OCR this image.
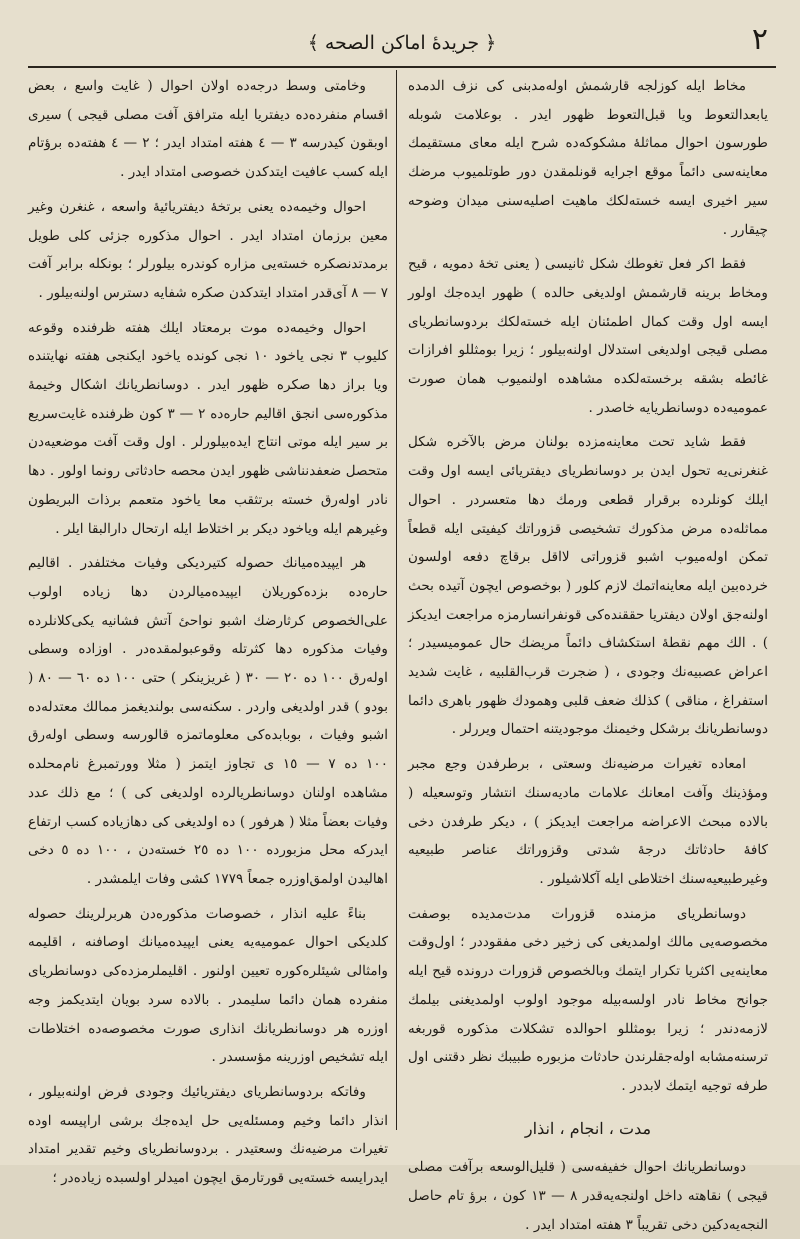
﴿ جریدهٔ اماکن الصحه ﴾	٢

مخاط ایله کوزلجه قارشمش اوله‌مدبنی کی نزف الدمده یابعدالتعوط ویا قبل‌التعوط ظهور ایدر . بوعلامت شوبله طورسون احوال مماثلهٔ مشکوکه‌ده شرح ایله معای مستقیمك معاینه‌سی دائماً موقع اجرایه قونلمقدن دور طوتلمیوب مرضك سیر اخیری ایسه خسته‌لکك ماهیت اصلیه‌سنی میدان وضوحه چیقارر .

فقط اکر فعل تغوطك شکل ثانیسی ( یعنی تخهٔ دمویه ، قیح ومخاط برینه قارشمش اولدیغی حالده ) ظهور ایده‌جك اولور ایسه اول وقت کمال اطمئنان ایله خسته‌لکك بردوسانطریای مصلی قیجی اولدیغی استدلال اولنه‌بیلور ؛ زیرا بومثللو افرازات غائطه بشقه برخسته‌لکده مشاهده اولنمیوب همان صورت عمومیه‌ده دوسانطریایه خاصدر .

فقط شاید تحت معاینه‌مزده بولنان مرض بالآخره شکل غنغرنی‌یه تحول ایدن بر دوسانطریای دیفتریائی ایسه اول وقت ایلك کونلرده برقرار قطعی ورمك دها متعسردر . احوال مماثله‌ده مرض مذکورك تشخیصی قزوراتك کیفیتی ایله قطعاً تمکن اوله‌میوب اشبو قزوراتی لااقل برقاچ دفعه اولسون خرده‌بین ایله معاینه‌اتمك لازم کلور ( بوخصوص ایچون آتیده بحث اولنه‌جق اولان دیفتریا حققنده‌کی قونفرانسارمزه مراجعت ایدیکز ) . الك مهم نقطهٔ استکشاف دائماً مریضك حال عمومیسیدر ؛ اعراض عصبیه‌نك وجودی ، ( ضجرت قرب‌القلبیه ، غایت شدید استفراغ ، مناقی ) کذلك ضعف قلبی وهمودك ظهور باهری دائما دوسانطریانك برشکل وخیمنك موجودیتنه احتمال ویررلر .

امعاده تغیرات مرضیه‌نك وسعتی ، برطرفدن وجع مجبر ومؤذینك وآفت امعانك علامات مادیه‌سنك انتشار وتوسعیله ( بالاده مبحث الاعراضه مراجعت ایدیکز ) ، دیکر طرفدن دخی کافهٔ حادثاتك درجهٔ شدتی وقزوراتك عناصر طبیعیه وغیرطبیعیه‌سنك اختلاطی ایله آکلاشیلور .

دوسانطریای مزمنده قزورات مدت‌مدیده بوصفت مخصوصه‌یی مالك اولمدیغی کی زخیر دخی مفقوددر ؛ اول‌وقت معاینه‌یی اکثریا تکرار ایتمك وبالخصوص قزورات درونده قیح ایله جوانح مخاط نادر اولسه‌بیله موجود اولوب اولمدیغنی بیلمك لازمه‌دندر ؛ زیرا بومثللو احوالده تشکلات مذکوره قوربغه ترسنه‌مشابه اوله‌جقلرندن حادثات مزبوره طبیبك نظر دقتنی اول طرفه توجیه ایتمك لابددر .

مدت ، انجام ، انذار

دوسانطریانك احوال خفیفه‌سی ( قلیل‌الوسعه برآفت مصلی قیجی ) نقاهته داخل اولنجه‌یه‌قدر ٨ — ١٣ کون ، برؤ تام حاصل النجه‌یه‌دکین دخی تقریباً ٣ هفته امتداد ایدر .

وخامتی وسط درجه‌ده اولان احوال ( غایت واسع ، بعض اقسام منفرده‌ده دیفتریا ایله مترافق آفت مصلی قیجی ) سیری اوبقون کیدرسه ٣ — ٤ هفته امتداد ایدر ؛ ٢ — ٤ هفته‌ده برؤتام ایله کسب عافیت ایتدکدن خصوصی امتداد ایدر .

احوال وخیمه‌ده یعنی برتخهٔ دیفتریائیهٔ واسعه ، غنغرن وغیر معین برزمان امتداد ایدر . احوال مذکوره جزئی کلی طویل برمدتدنصکره خسته‌یی مزاره کوندره بیلورلر ؛ بونکله برابر آفت ٧ — ٨ آی‌قدر امتداد ایتدکدن صکره شفایه دسترس اولنه‌بیلور .

احوال وخیمه‌ده موت برمعتاد ایلك هفته ظرفنده وقوعه کلیوب ٣ نجی یاخود ١٠ نجی کونده یاخود ایکنجی هفته نهایتنده ویا براز دها صکره ظهور ایدر . دوسانطریانك اشکال وخیمهٔ مذکوره‌سی انجق اقالیم حاره‌ده ٢ — ٣ کون ظرفنده غایت‌سریع بر سیر ایله موتی انتاج ایده‌بیلورلر . اول وقت آفت موضعیه‌دن متحصل ضعفدنناشی ظهور ایدن محصه حادثاتی رونما اولور . دها نادر اوله‌رق خسته برتثقب معا یاخود متعمم برذات البریطون وغیرهم ایله وياخود دیکر بر اختلاط ایله ارتحال دارالبقا ایلر .

هر ایپیده‌میانك حصوله کتیردیکی وفیات مختلفدر . اقالیم حاره‌ده بزده‌کوریلان ایپیده‌میالردن دها زیاده اولوب علی‌الخصوص کرثارضك اشبو نواحیٔ آتش فشانیه یکی‌کلانلرده وفیات مذکوره دها کثرتله وقوعبولمقده‌در . اوزاده وسطی اوله‌رق ١٠٠ ده ٢٠ — ٣٠ ( غریزینکر ) حتی ١٠٠ ده ٦٠ — ٨٠ ( بودو ) قدر اولدیغی واردر . سکنه‌سی بولندیغمز ممالك معتدله‌ده اشبو وفیات ، بوبابده‌کی معلوماتمزه قالورسه وسطی اوله‌رق ١٠٠ ده ٧ — ١٥ ی تجاوز ایتمز ( مثلا وورتمبرغ نام‌محلده مشاهده اولنان دوسانطریالرده اولدیغی کی ) ؛ مع ذلك عدد وفیات بعضاً مثلا ( هرفور ) ده اولدیغی کی دهازیاده کسب ارتفاع ایدرکه محل مزبورده ١٠٠ ده ٢٥ خسته‌دن ، ١٠٠ ده ٥ دخی اهالیدن اولمق‌اوزره جمعاً ١٧٧٩ کشی وفات ایلمشدر .

بناءً علیه انذار ، خصوصات مذکوره‌دن هربرلرینك حصوله کلدیکی احوال عمومیه‌یه یعنی ایپیده‌میانك اوصافنه ، اقلیمه وامثالی شیئلره‌کوره تعیین اولنور . اقلیملرمزده‌کی دوسانطریای منفرده همان دائما سلیمدر . بالاده سرد بویان ایتدیکمز وجه اوزره هر دوسانطریانك انذاری صورت مخصوصه‌ده اختلاطات ایله تشخیص اوزرینه مؤسسدر .

وفاتکه بردوسانطریای دیفتریائیك وجودی فرض اولنه‌بیلور ، انذار دائما وخیم ومسئله‌یی حل ایده‌جك برشی اراپیسه اوده تغیرات مرضیه‌نك وسعتیدر . بردوسانطریای وخیم تقدیر امتداد ایدرایسه خسته‌یی قورتارمق ایچون امیدلر اولسبده زیاده‌در ؛
